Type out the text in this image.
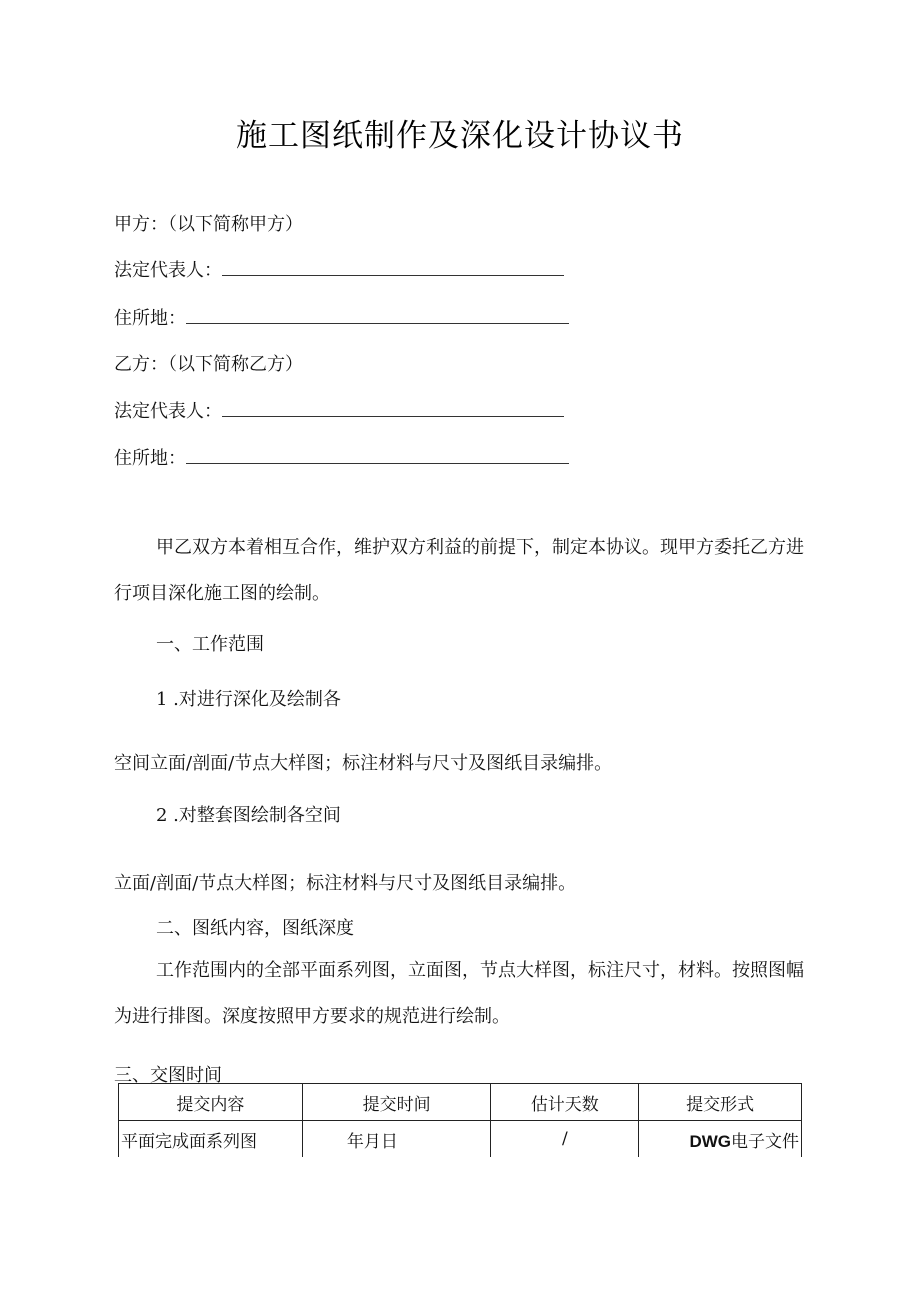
施工图纸制作及深化设计协议书
甲方：（以下简称甲方）
法定代表人：
住所地：
乙方：（以下简称乙方）
法定代表人：
住所地：
甲乙双方本着相互合作，维护双方利益的前提下，制定本协议。现甲方委托乙方进行项目深化施工图的绘制。
一、工作范围
1 .对进行深化及绘制各
空间立面/剖面/节点大样图；标注材料与尺寸及图纸目录编排。
2 .对整套图绘制各空间
立面/剖面/节点大样图；标注材料与尺寸及图纸目录编排。
二、图纸内容，图纸深度
工作范围内的全部平面系列图，立面图，节点大样图，标注尺寸，材料。按照图幅为进行排图。深度按照甲方要求的规范进行绘制。
三、交图时间
提交内容	提交时间	估计天数	提交形式
平面完成面系列图	年月日	/	DWG电子文件
